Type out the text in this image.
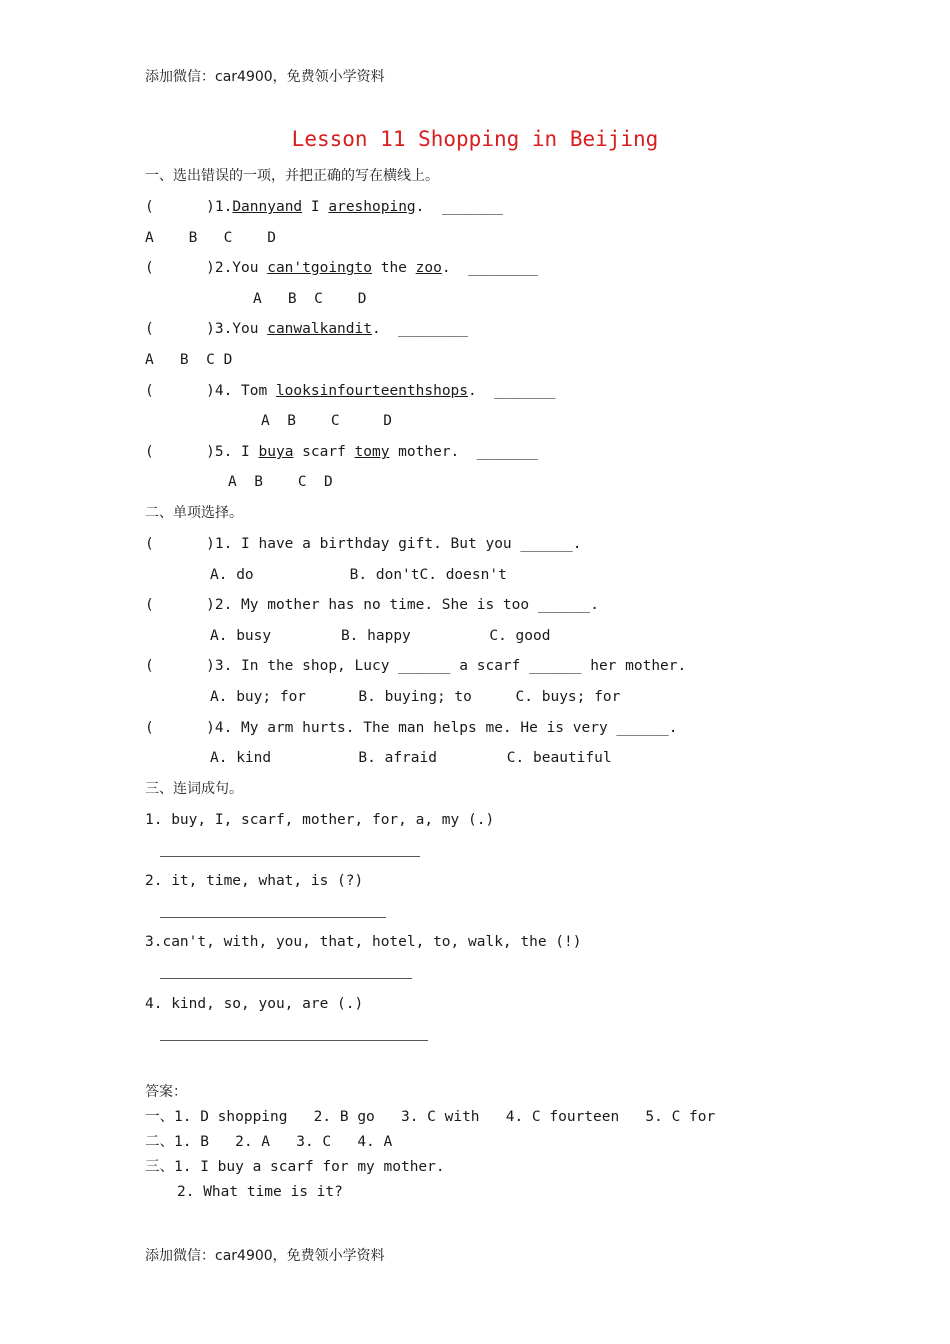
添加微信：car4900，免费领小学资料
Lesson 11 Shopping in Beijing
一、选出错误的一项，并把正确的写在横线上。
(      )1.Dannyand I areshoping.  _______
A    B   C    D
(      )2.You can'tgoingto the zoo.  ________
A   B  C    D
(      )3.You canwalkandit.  ________
A   B  C D
(      )4. Tom looksinfourteenthshops.  _______
A  B    C     D
(      )5. I buya scarf tomy mother.  _______
A  B    C  D
二、单项选择。
(      )1. I have a birthday gift. But you ______.
A. do           B. don'tC. doesn't
(      )2. My mother has no time. She is too ______.
A. busy        B. happy         C. good
(      )3. In the shop, Lucy ______ a scarf ______ her mother.
A. buy; for      B. buying; to     C. buys; for
(      )4. My arm hurts. The man helps me. He is very ______.
A. kind          B. afraid        C. beautiful
三、连词成句。
1. buy, I, scarf, mother, for, a, my (.)
2. it, time, what, is (?)
3.can't, with, you, that, hotel, to, walk, the (!)
4. kind, so, you, are (.)
答案：
一、1. D shopping   2. B go   3. C with   4. C fourteen   5. C for
二、1. B   2. A   3. C   4. A
三、1. I buy a scarf for my mother.
2. What time is it?
添加微信：car4900，免费领小学资料
